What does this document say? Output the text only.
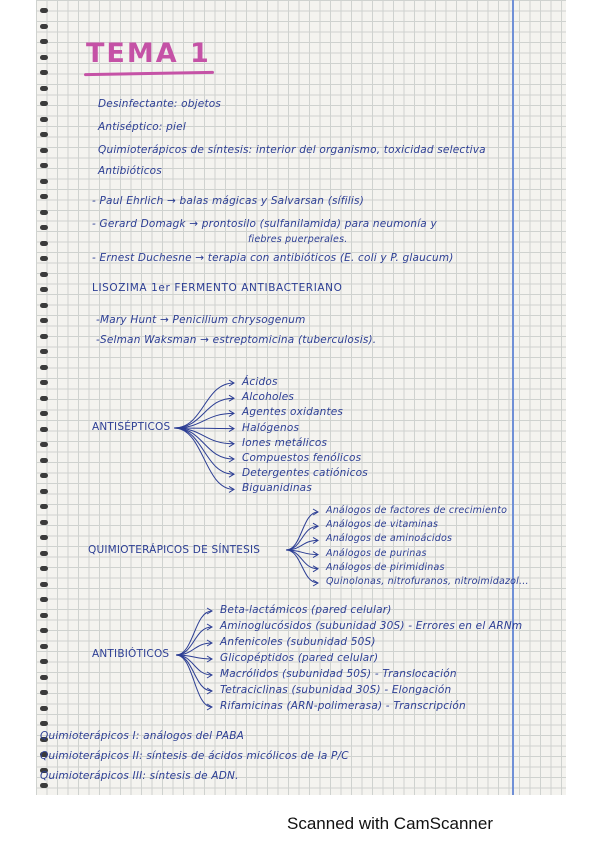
TEMA 1
Desinfectante: objetos
Antiséptico: piel
Quimioterápicos de síntesis: interior del organismo, toxicidad selectiva
Antibióticos
- Paul Ehrlich → balas mágicas y Salvarsan (sífilis)
- Gerard Domagk → prontosilo (sulfanilamida) para neumonía y
fiebres puerperales.
- Ernest Duchesne → terapia con antibióticos (E. coli y P. glaucum)
LISOZIMA 1er FERMENTO ANTIBACTERIANO
-Mary Hunt → Penicilium chrysogenum
-Selman Waksman → estreptomicina (tuberculosis).
ANTISÉPTICOS
Ácidos
Alcoholes
Agentes oxidantes
Halógenos
Iones metálicos
Compuestos fenólicos
Detergentes catiónicos
Biguanidinas
QUIMIOTERÁPICOS DE SÍNTESIS
Análogos de factores de crecimiento
Análogos de vitaminas
Análogos de aminoácidos
Análogos de purinas
Análogos de pirimidinas
Quinolonas, nitrofuranos, nitroimidazol...
ANTIBIÓTICOS
Beta-lactámicos (pared celular)
Aminoglucósidos (subunidad 30S) - Errores en el ARNm
Anfenicoles (subunidad 50S)
Glicopéptidos (pared celular)
Macrólidos (subunidad 50S) - Translocación
Tetraciclinas (subunidad 30S) - Elongación
Rifamicinas (ARN-polimerasa) - Transcripción
Quimioterápicos I: análogos del PABA
Quimioterápicos II: síntesis de ácidos micólicos de la P/C
Quimioterápicos III: síntesis de ADN.
Scanned with CamScanner
